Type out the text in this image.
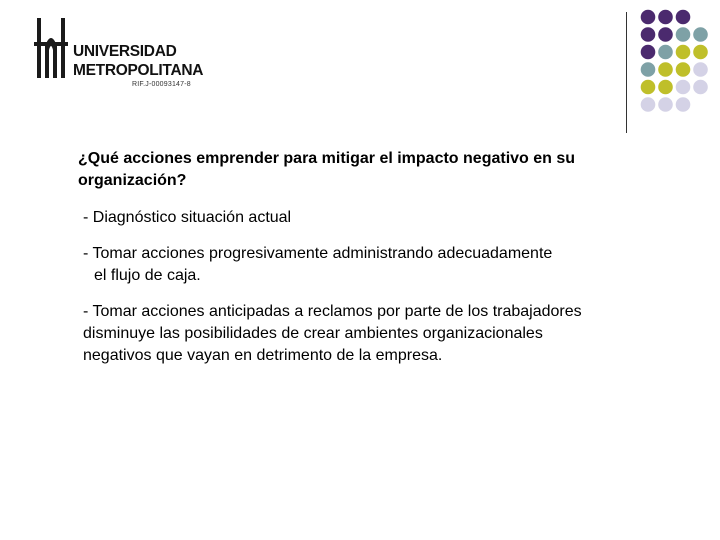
UNIVERSIDAD
METROPOLITANA
RIF.J-00093147-8

¿Qué acciones emprender para mitigar el impacto negativo en su organización?

- Diagnóstico situación actual

- Tomar acciones progresivamente administrando adecuadamente
el flujo de caja.

- Tomar acciones anticipadas a reclamos por parte de los trabajadores disminuye las posibilidades de crear ambientes organizacionales negativos que vayan en detrimento de la empresa.
